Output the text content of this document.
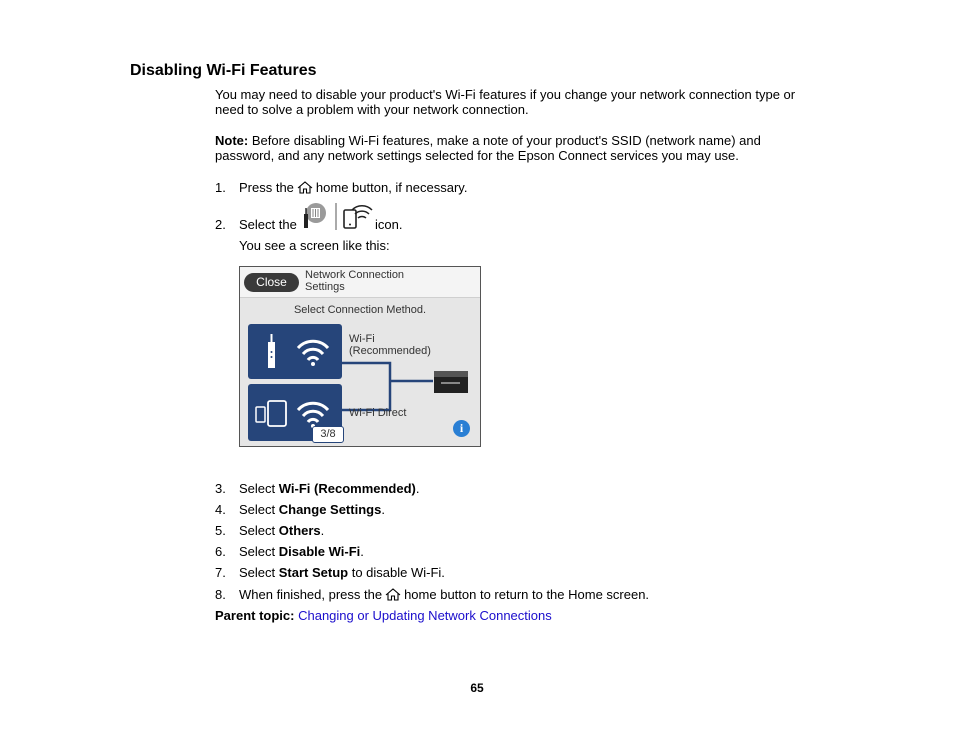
Disabling Wi-Fi Features
You may need to disable your product's Wi-Fi features if you change your network connection type or need to solve a problem with your network connection.
Note: Before disabling Wi-Fi features, make a note of your product's SSID (network name) and password, and any network settings selected for the Epson Connect services you may use.
1. Press the home button, if necessary.
2. Select the	icon.
You see a screen like this:
Close	Network Connection
Settings
Select Connection Method.
Wi-Fi
(Recommended)
Wi-Fi Direct
3/8	i
3. Select Wi-Fi (Recommended).
4. Select Change Settings.
5. Select Others.
6. Select Disable Wi-Fi.
7. Select Start Setup to disable Wi-Fi.
8. When finished, press the home button to return to the Home screen.
Parent topic: Changing or Updating Network Connections
65
